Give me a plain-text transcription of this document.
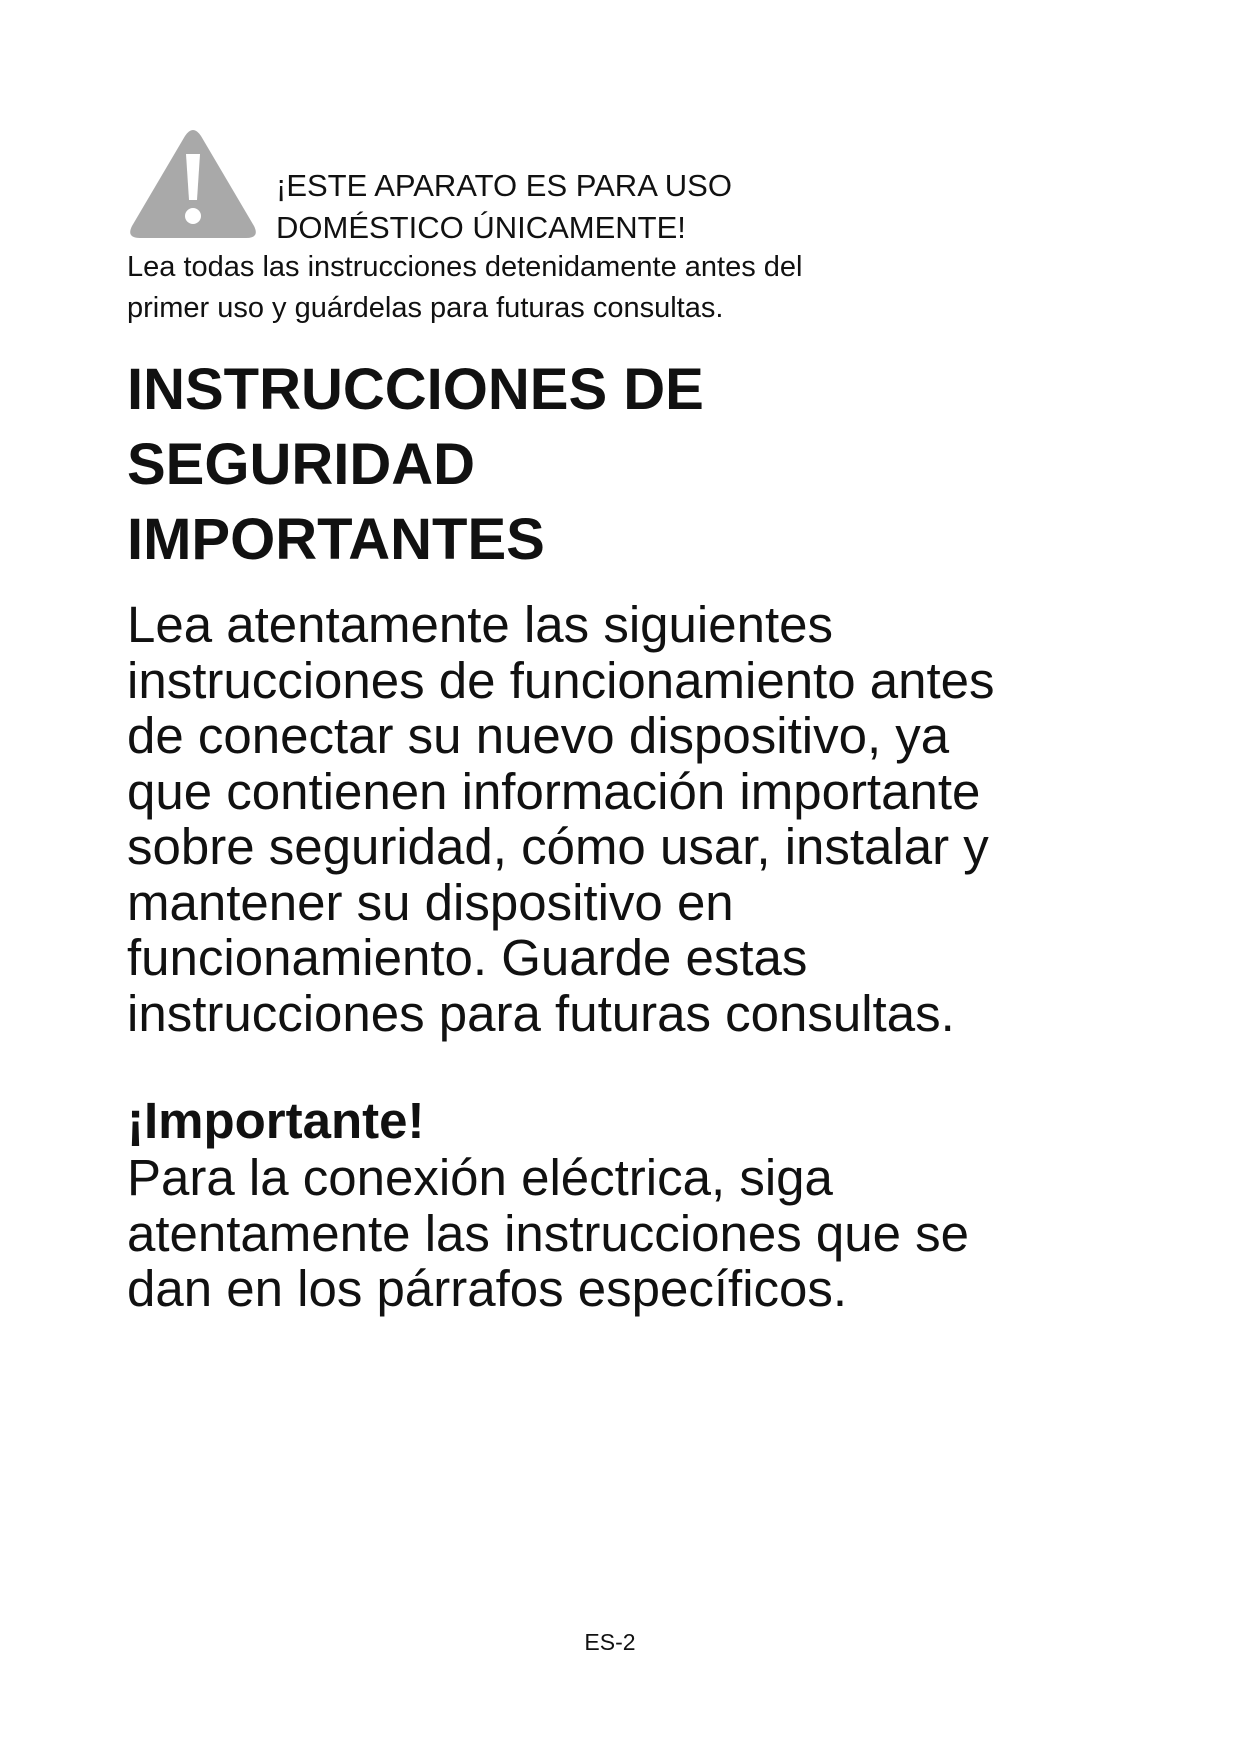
¡ESTE APARATO ES PARA USO
DOMÉSTICO ÚNICAMENTE!
Lea todas las instrucciones detenidamente antes del
primer uso y guárdelas para futuras consultas.
INSTRUCCIONES DE
SEGURIDAD
IMPORTANTES

Lea atentamente las siguientes
instrucciones de funcionamiento antes
de conectar su nuevo dispositivo, ya
que contienen información importante
sobre seguridad, cómo usar, instalar y
mantener su dispositivo en
funcionamiento. Guarde estas
instrucciones para futuras consultas.

¡Importante!

Para la conexión eléctrica, siga
atentamente las instrucciones que se
dan en los párrafos específicos.

ES-2
